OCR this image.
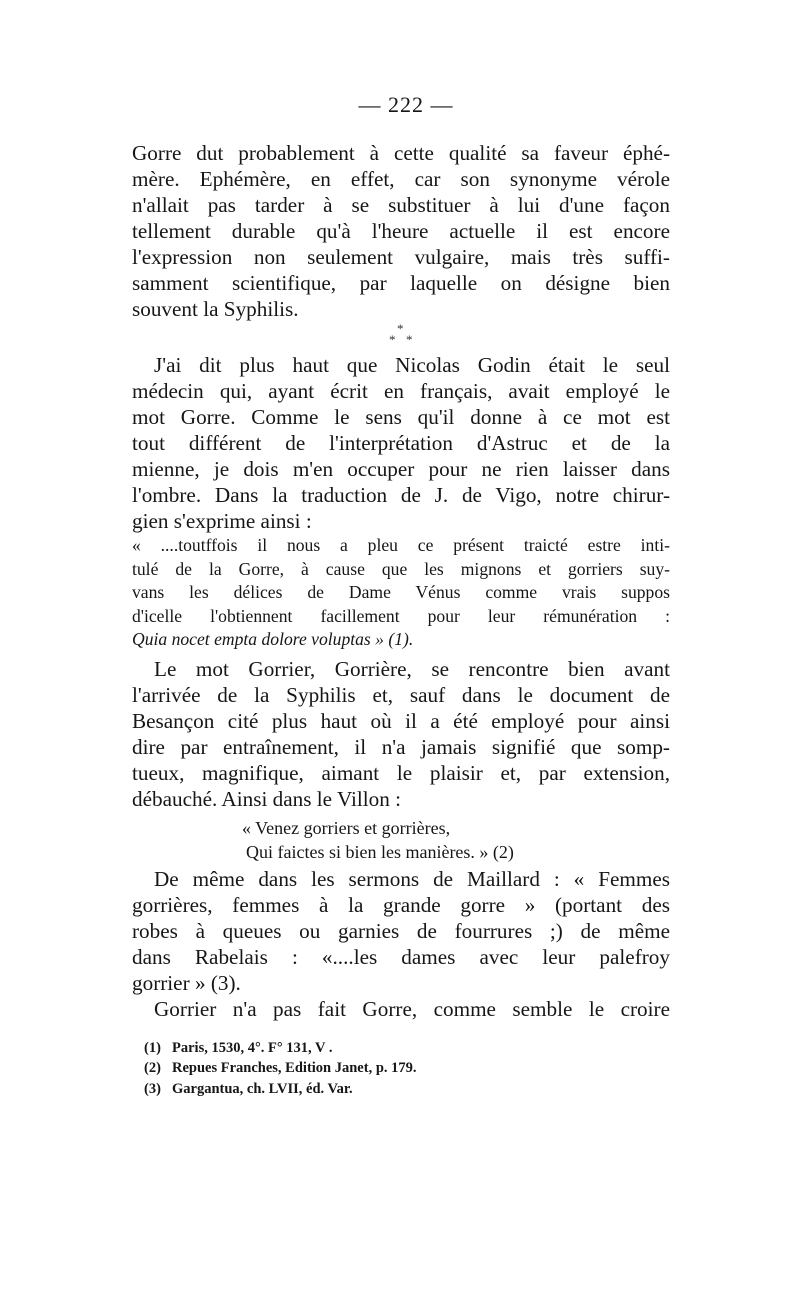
— 222 —
Gorre dut probablement à cette qualité sa faveur éphé-
mère. Ephémère, en effet, car son synonyme vérole
n'allait pas tarder à se substituer à lui d'une façon
tellement durable qu'à l'heure actuelle il est encore
l'expression non seulement vulgaire, mais très suffi-
samment scientifique, par laquelle on désigne bien
souvent la Syphilis.
*
* *
J'ai dit plus haut que Nicolas Godin était le seul
médecin qui, ayant écrit en français, avait employé le
mot Gorre. Comme le sens qu'il donne à ce mot est
tout différent de l'interprétation d'Astruc et de la
mienne, je dois m'en occuper pour ne rien laisser dans
l'ombre. Dans la traduction de J. de Vigo, notre chirur-
gien s'exprime ainsi :
« ....toutffois il nous a pleu ce présent traicté estre inti-
tulé de la Gorre, à cause que les mignons et gorriers suy-
vans les délices de Dame Vénus comme vrais suppos
d'icelle l'obtiennent facillement pour leur rémunération :
Quia nocet empta dolore voluptas » (1).
Le mot Gorrier, Gorrière, se rencontre bien avant
l'arrivée de la Syphilis et, sauf dans le document de
Besançon cité plus haut où il a été employé pour ainsi
dire par entraînement, il n'a jamais signifié que somp-
tueux, magnifique, aimant le plaisir et, par extension,
débauché. Ainsi dans le Villon :
« Venez gorriers et gorrières,
Qui faictes si bien les manières. » (2)
De même dans les sermons de Maillard : « Femmes
gorrières, femmes à la grande gorre » (portant des
robes à queues ou garnies de fourrures ;) de même
dans Rabelais : «....les dames avec leur palefroy
gorrier » (3).
Gorrier n'a pas fait Gorre, comme semble le croire
(1) Paris, 1530, 4°. F° 131, V .
(2) Repues Franches, Edition Janet, p. 179.
(3) Gargantua, ch. LVII, éd. Var.
